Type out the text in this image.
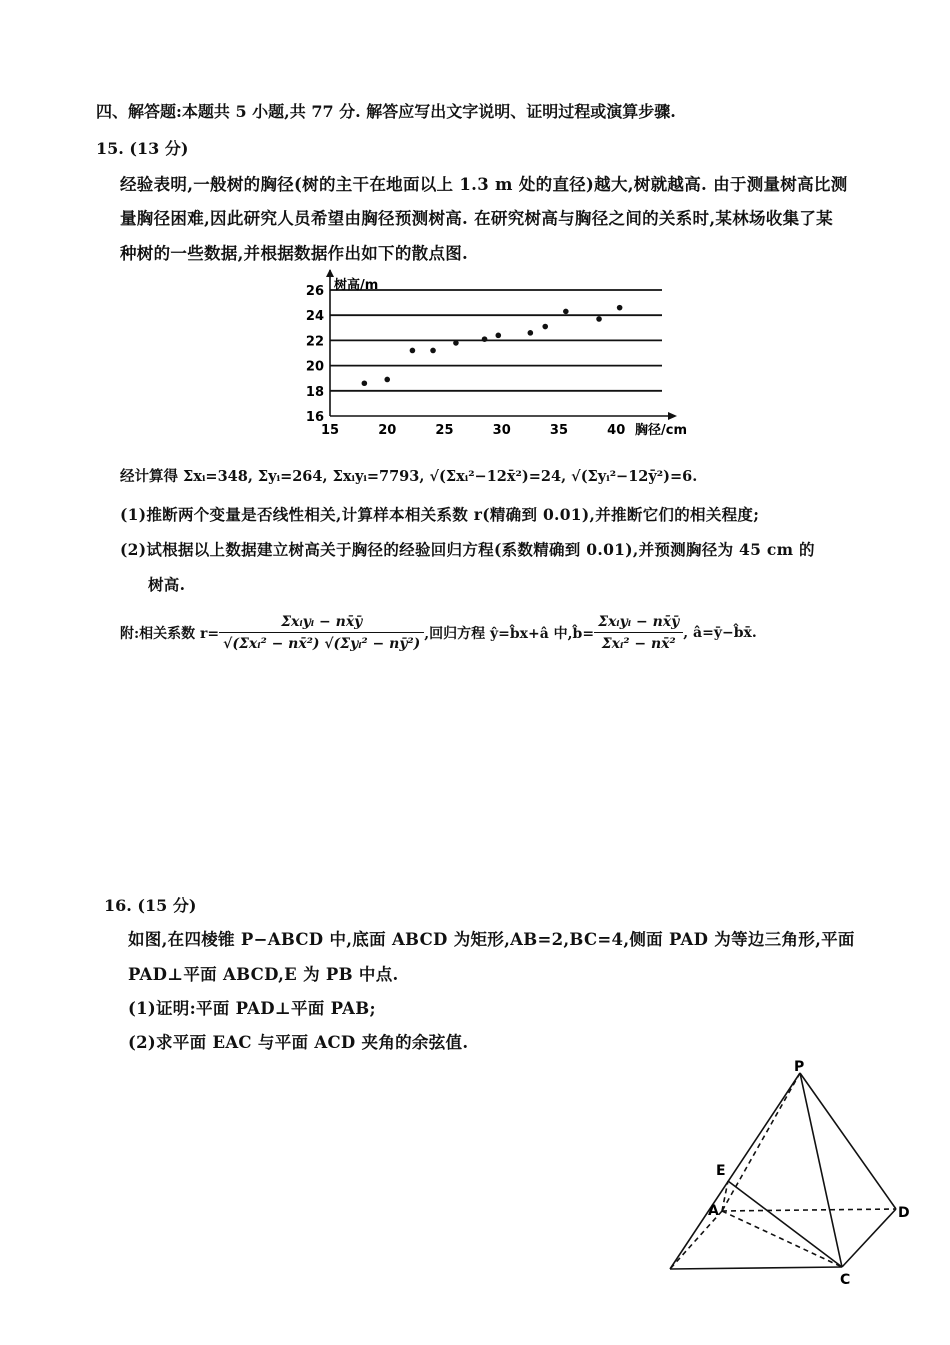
四、解答题:本题共 5 小题,共 77 分. 解答应写出文字说明、证明过程或演算步骤.
15. (13 分)
经验表明,一般树的胸径(树的主干在地面以上 1.3 m 处的直径)越大,树就越高. 由于测量树高比测
量胸径困难,因此研究人员希望由胸径预测树高. 在研究树高与胸径之间的关系时,某林场收集了某
种树的一些数据,并根据数据作出如下的散点图.
16
18
20
22
24
26
15	20	25	30	35	40
树高/m
胸径/cm
经计算得 Σxᵢ=348, Σyᵢ=264, Σxᵢyᵢ=7793, √(Σxᵢ²−12x̄²)=24, √(Σyᵢ²−12ȳ²)=6.
(1)推断两个变量是否线性相关,计算样本相关系数 r(精确到 0.01),并推断它们的相关程度;
(2)试根据以上数据建立树高关于胸径的经验回归方程(系数精确到 0.01),并预测胸径为 45 cm 的
树高.
附:相关系数 $r= \frac{\text{Σxᵢyᵢ − nx̄ȳ}}{\text{√(Σxᵢ² − nx̄²) √(Σyᵢ² − nȳ²)}}$ ,回归方程 ŷ=b̂x+â 中,b̂= $\frac{\text{Σxᵢyᵢ − nx̄ȳ}}{\text{Σxᵢ² − nx̄²}}$ , â=ȳ−b̂x̄.
16. (15 分)
如图,在四棱锥 P−ABCD 中,底面 ABCD 为矩形,AB=2,BC=4,侧面 PAD 为等边三角形,平面
PAD⊥平面 ABCD,E 为 PB 中点.
(1)证明:平面 PAD⊥平面 PAB;
(2)求平面 EAC 与平面 ACD 夹角的余弦值.
P
E
A	D
C
